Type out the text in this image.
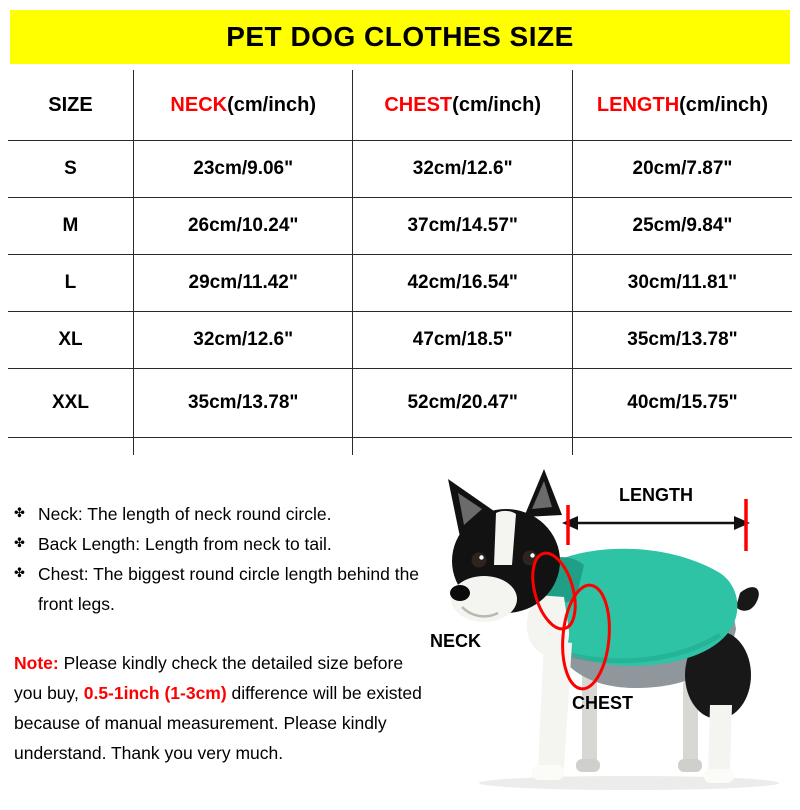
PET DOG CLOTHES SIZE
SIZE	NECK(cm/inch)	CHEST(cm/inch)	LENGTH(cm/inch)
S	23cm/9.06"	32cm/12.6"	20cm/7.87"
M	26cm/10.24"	37cm/14.57"	25cm/9.84"
L	29cm/11.42"	42cm/16.54"	30cm/11.81"
XL	32cm/12.6"	47cm/18.5"	35cm/13.78"
XXL	35cm/13.78"	52cm/20.47"	40cm/15.75"

✤ Neck: The length of neck round circle.
✤ Back Length: Length from neck to tail.
✤ Chest: The biggest round circle length behind the front legs.

Note: Please kindly check the detailed size before you buy, 0.5-1inch (1-3cm) difference will be existed because of manual measurement. Please kindly understand. Thank you very much.

LENGTH
NECK
CHEST
